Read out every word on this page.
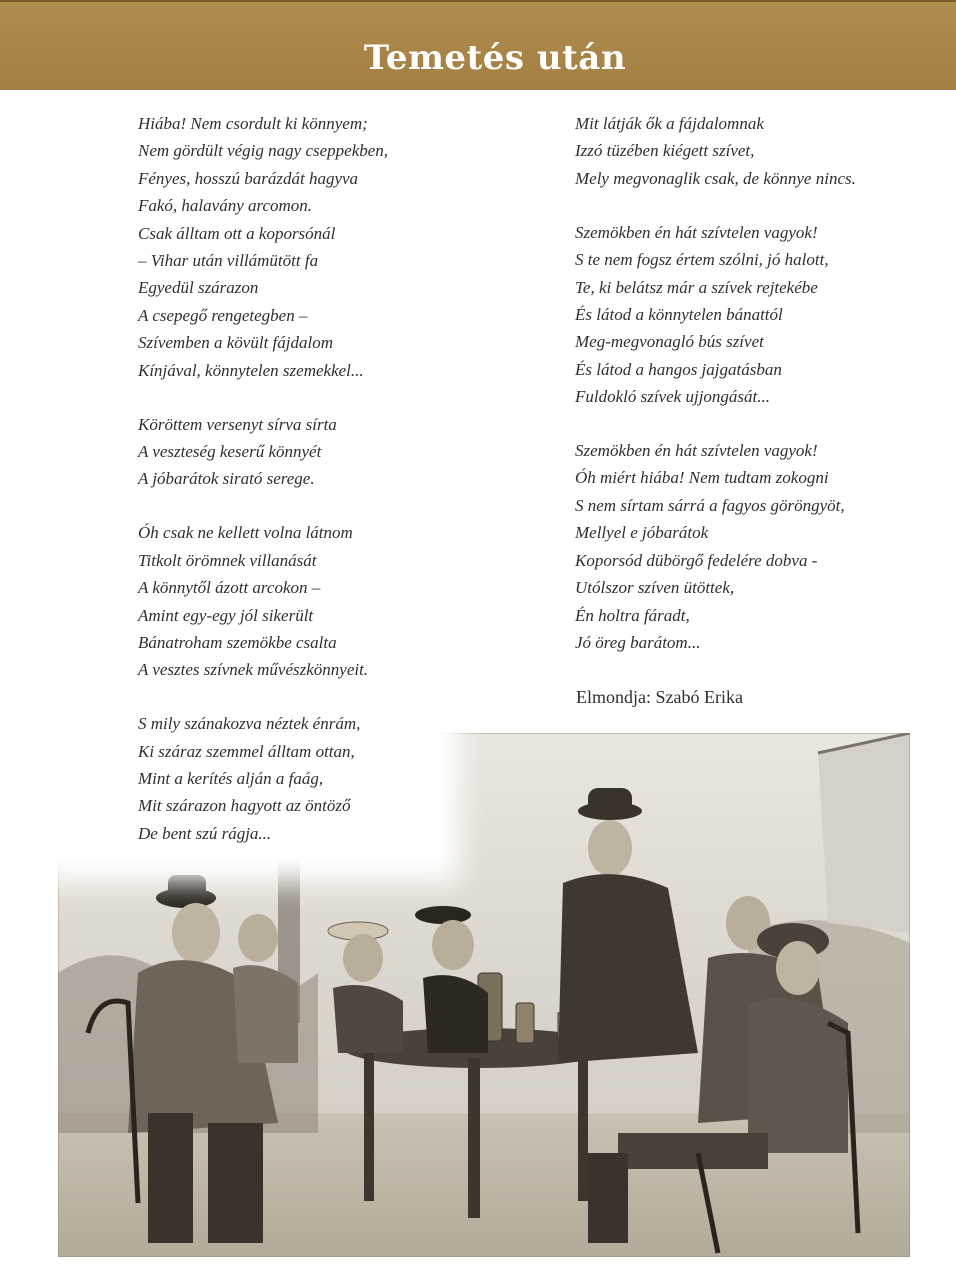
Temetés után
Hiába! Nem csordult ki könnyem;
Nem gördült végig nagy cseppekben,
Fényes, hosszú barázdát hagyva
Fakó, halavány arcomon.
Csak álltam ott a koporsónál
– Vihar után villámütött fa
Egyedül szárazon
A csepegő rengetegben –
Szívemben a kövült fájdalom
Kínjával, könnytelen szemekkel...
Köröttem versenyt sírva sírta
A veszteség keserű könnyét
A jóbarátok sirató serege.
Óh csak ne kellett volna látnom
Titkolt örömnek villanását
A könnytől ázott arcokon –
Amint egy-egy jól sikerült
Bánatroham szemökbe csalta
A vesztes szívnek művészkönnyeit.
S mily szánakozva néztek énrám,
Ki száraz szemmel álltam ottan,
Mint a kerítés alján a faág,
Mit szárazon hagyott az öntöző
De bent szú rágja...
Mit látják ők a fájdalomnak
Izzó tüzében kiégett szívet,
Mely megvonaglik csak, de könnye nincs.
Szemökben én hát szívtelen vagyok!
S te nem fogsz értem szólni, jó halott,
Te, ki belátsz már a szívek rejtekébe
És látod a könnytelen bánattól
Meg-megvonagló bús szívet
És látod a hangos jajgatásban
Fuldokló szívek ujjongását...
Szemökben én hát szívtelen vagyok!
Óh miért hiába! Nem tudtam zokogni
S nem sírtam sárrá a fagyos göröngyöt,
Mellyel e jóbarátok
Koporsód dübörgő fedelére dobva -
Utólszor szíven ütöttek,
Én holtra fáradt,
Jó öreg barátom...
Elmondja: Szabó Erika
